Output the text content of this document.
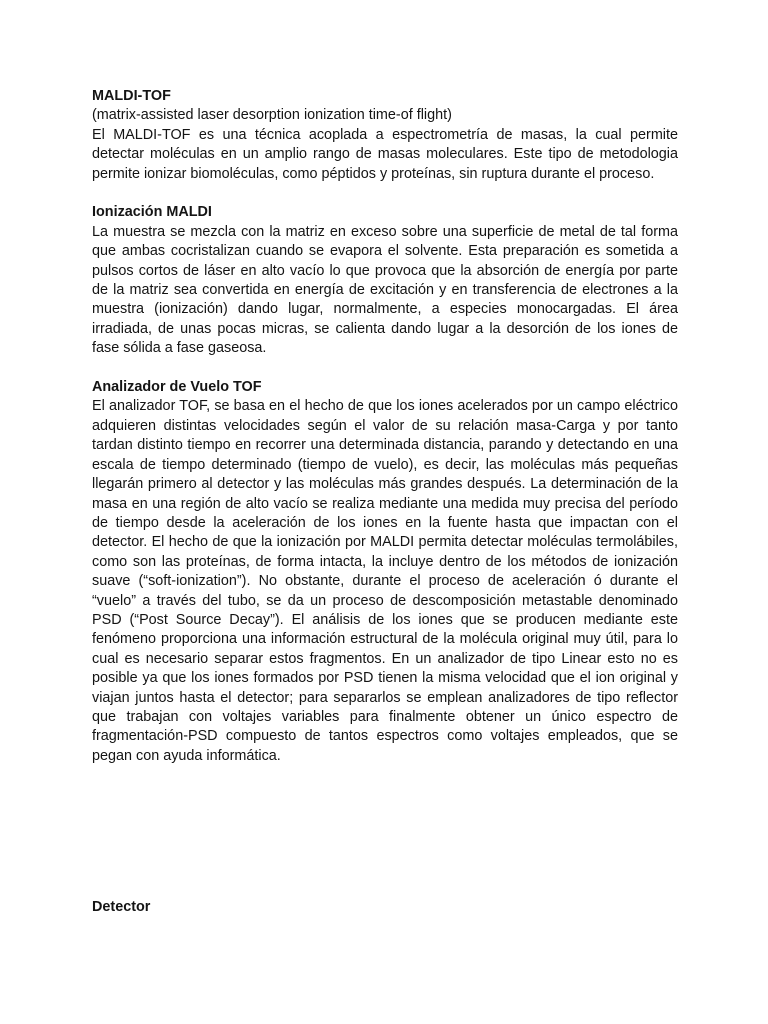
MALDI-TOF

(matrix-assisted laser desorption ionization time-of flight)

El MALDI-TOF es una técnica acoplada a espectrometría de masas, la cual permite detectar moléculas en un amplio rango de masas moleculares. Este tipo de metodologia permite ionizar biomoléculas, como péptidos y proteínas, sin ruptura durante el proceso.

Ionización MALDI

La muestra se mezcla con la matriz en exceso sobre una superficie de metal de tal forma que ambas cocristalizan cuando se evapora el solvente. Esta preparación es sometida a pulsos cortos de láser en alto vacío lo que provoca que la absorción de energía por parte de la matriz sea convertida en energía de excitación y en transferencia de electrones a la muestra (ionización) dando lugar, normalmente, a especies monocargadas. El área irradiada, de unas pocas micras, se calienta dando lugar a la desorción de los iones de fase sólida a fase gaseosa.

Analizador de Vuelo TOF

El analizador TOF, se basa en el hecho de que los iones acelerados por un campo eléctrico adquieren distintas velocidades según el valor de su relación masa-Carga y por tanto tardan distinto tiempo en recorrer una determinada distancia, parando y detectando en una escala de tiempo determinado (tiempo de vuelo), es decir, las moléculas más pequeñas llegarán primero al detector y las moléculas más grandes después. La determinación de la masa en una región de alto vacío se realiza mediante una medida muy precisa del período de tiempo desde la aceleración de los iones en la fuente hasta que impactan con el detector. El hecho de que la ionización por MALDI permita detectar moléculas termolábiles, como son las proteínas, de forma intacta, la incluye dentro de los métodos de ionización suave (“soft-ionization”). No obstante, durante el proceso de aceleración ó durante el “vuelo” a través del tubo, se da un proceso de descomposición metastable denominado PSD (“Post Source Decay”). El análisis de los iones que se producen mediante este fenómeno proporciona una información estructural de la molécula original muy útil, para lo cual es necesario separar estos fragmentos. En un analizador de tipo Linear esto no es posible ya que los iones formados por PSD tienen la misma velocidad que el ion original y viajan juntos hasta el detector; para separarlos se emplean analizadores de tipo reflector que trabajan con voltajes variables para finalmente obtener un único espectro de fragmentación-PSD compuesto de tantos espectros como voltajes empleados, que se pegan con ayuda informática.

Detector
